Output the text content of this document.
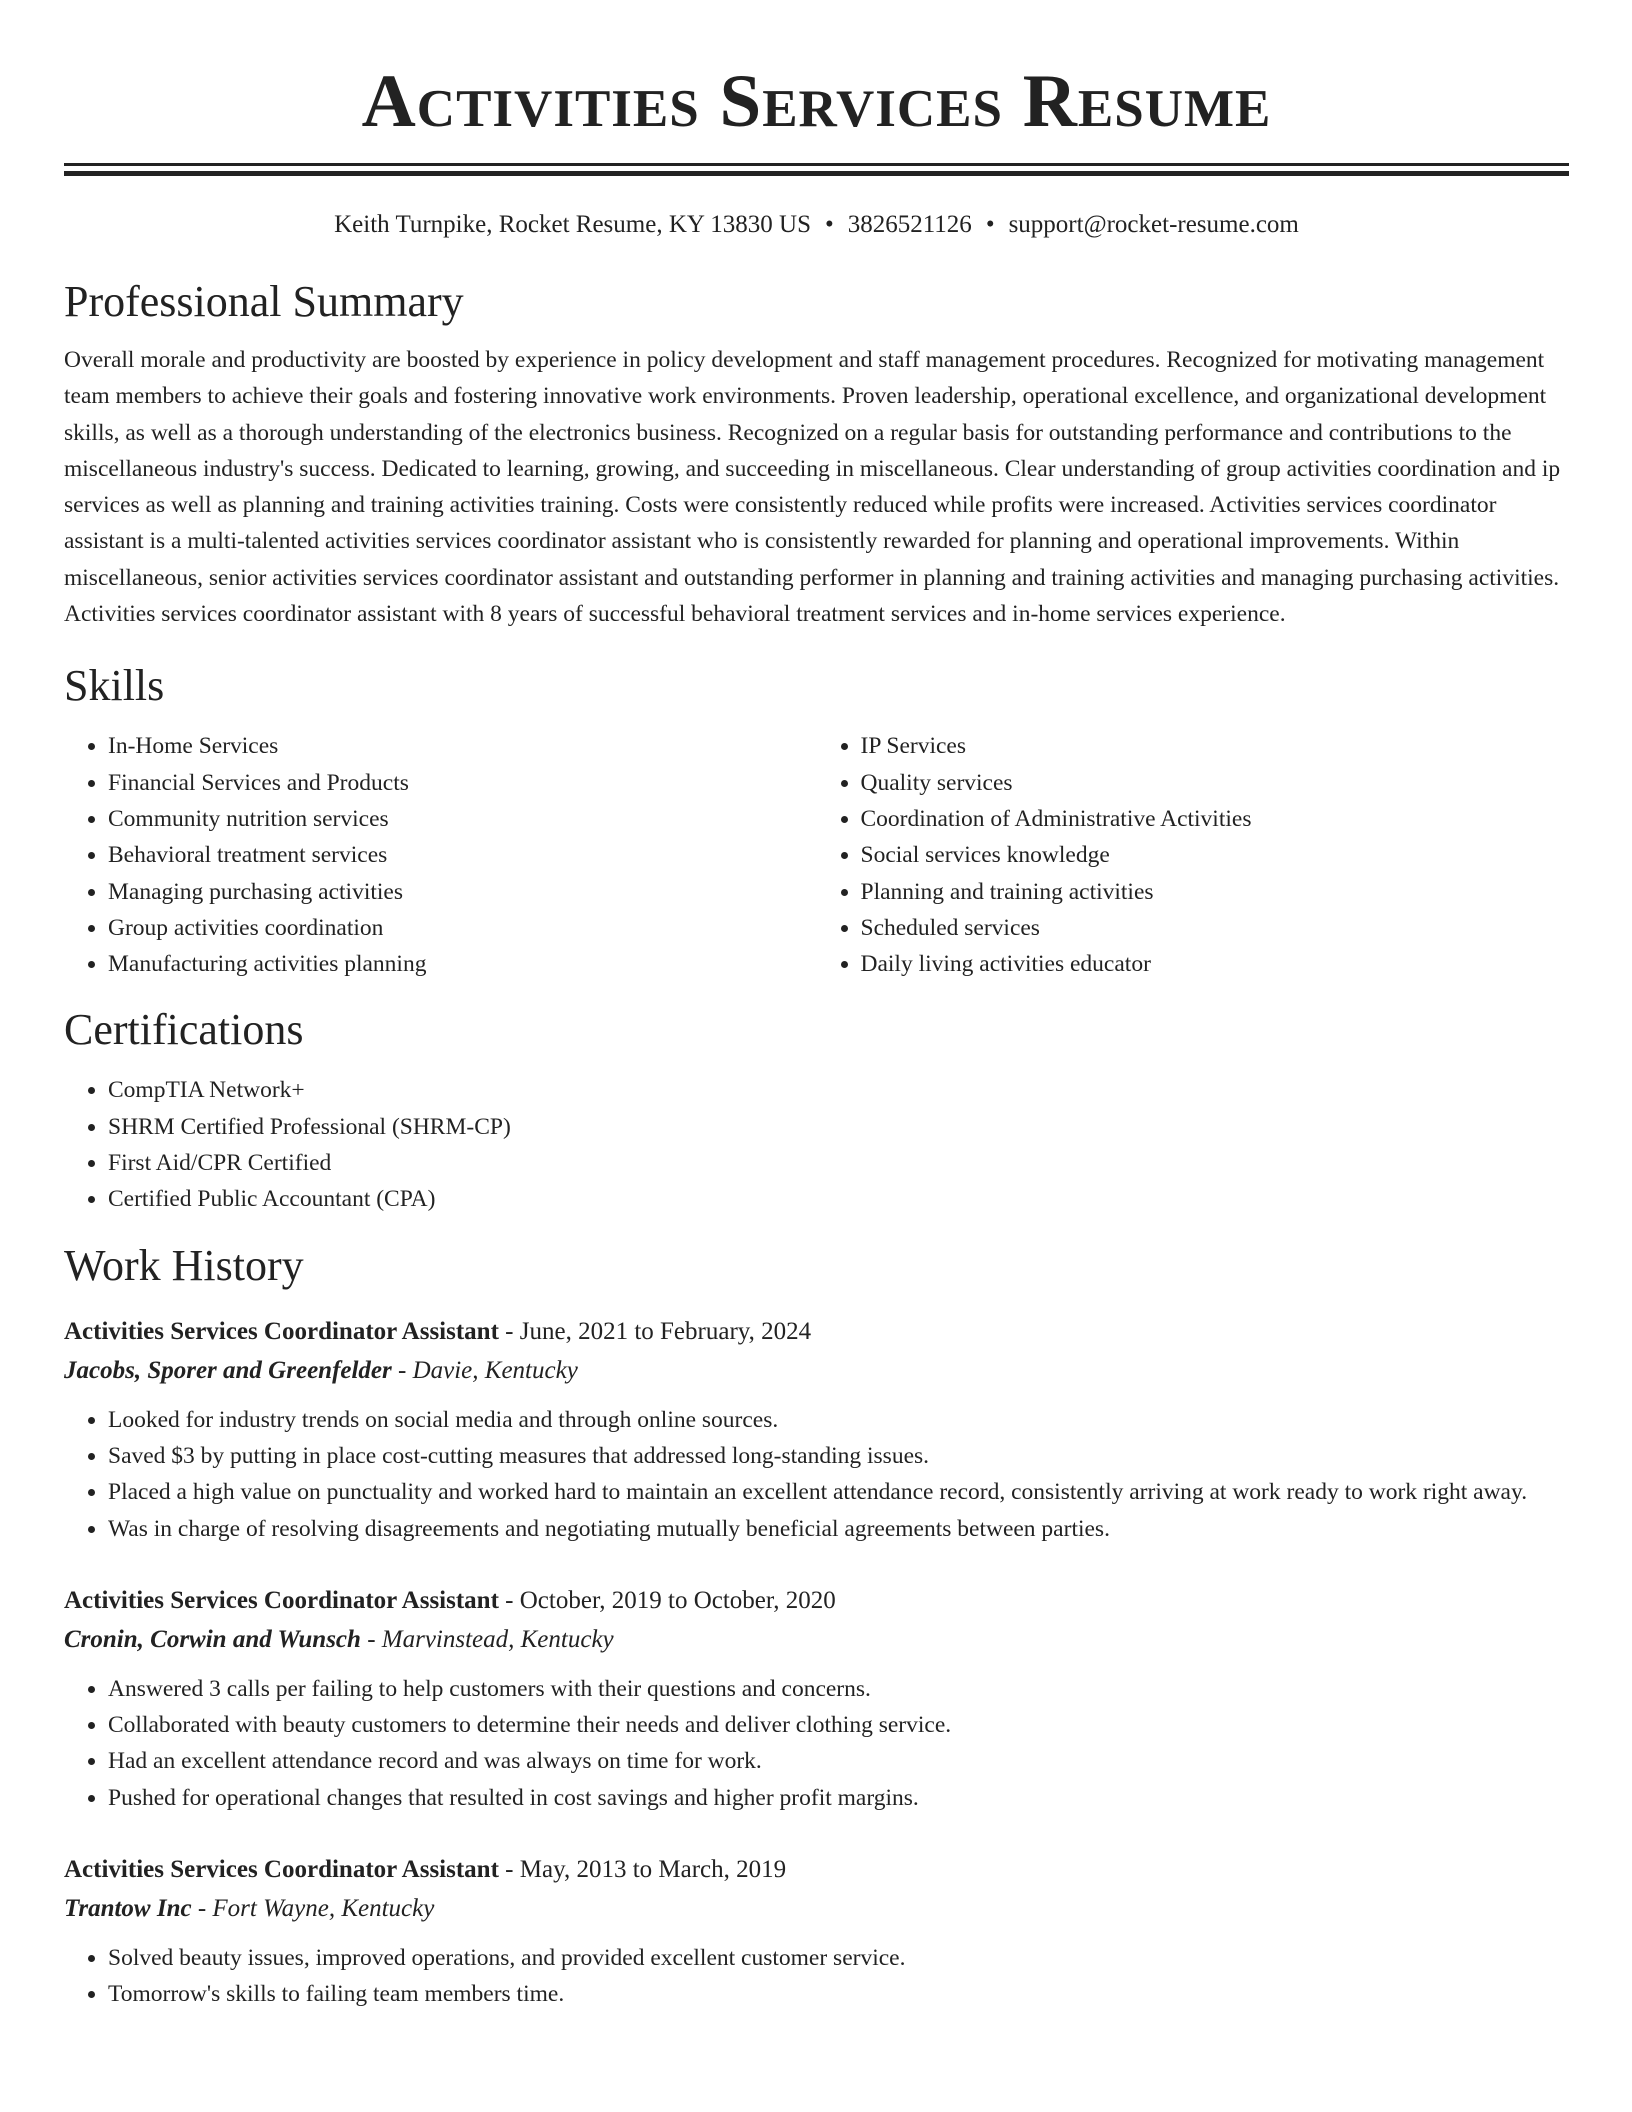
Activities Services Resume
Keith Turnpike, Rocket Resume, KY 13830 US • 3826521126 • support@rocket-resume.com
Professional Summary

Overall morale and productivity are boosted by experience in policy development and staff management procedures. Recognized for motivating management team members to achieve their goals and fostering innovative work environments. Proven leadership, operational excellence, and organizational development skills, as well as a thorough understanding of the electronics business. Recognized on a regular basis for outstanding performance and contributions to the miscellaneous industry's success. Dedicated to learning, growing, and succeeding in miscellaneous. Clear understanding of group activities coordination and ip services as well as planning and training activities training. Costs were consistently reduced while profits were increased. Activities services coordinator assistant is a multi-talented activities services coordinator assistant who is consistently rewarded for planning and operational improvements. Within miscellaneous, senior activities services coordinator assistant and outstanding performer in planning and training activities and managing purchasing activities. Activities services coordinator assistant with 8 years of successful behavioral treatment services and in-home services experience.

Skills
• In-Home Services
• Financial Services and Products
• Community nutrition services
• Behavioral treatment services
• Managing purchasing activities
• Group activities coordination
• Manufacturing activities planning
• IP Services
• Quality services
• Coordination of Administrative Activities
• Social services knowledge
• Planning and training activities
• Scheduled services
• Daily living activities educator
Certifications
• CompTIA Network+
• SHRM Certified Professional (SHRM-CP)
• First Aid/CPR Certified
• Certified Public Accountant (CPA)
Work History
Activities Services Coordinator Assistant - June, 2021 to February, 2024
Jacobs, Sporer and Greenfelder - Davie, Kentucky
• Looked for industry trends on social media and through online sources.
• Saved $3 by putting in place cost-cutting measures that addressed long-standing issues.
• Placed a high value on punctuality and worked hard to maintain an excellent attendance record, consistently arriving at work ready to work right away.
• Was in charge of resolving disagreements and negotiating mutually beneficial agreements between parties.
Activities Services Coordinator Assistant - October, 2019 to October, 2020
Cronin, Corwin and Wunsch - Marvinstead, Kentucky
• Answered 3 calls per failing to help customers with their questions and concerns.
• Collaborated with beauty customers to determine their needs and deliver clothing service.
• Had an excellent attendance record and was always on time for work.
• Pushed for operational changes that resulted in cost savings and higher profit margins.
Activities Services Coordinator Assistant - May, 2013 to March, 2019
Trantow Inc - Fort Wayne, Kentucky
• Solved beauty issues, improved operations, and provided excellent customer service.
• Tomorrow's skills to failing team members time.
